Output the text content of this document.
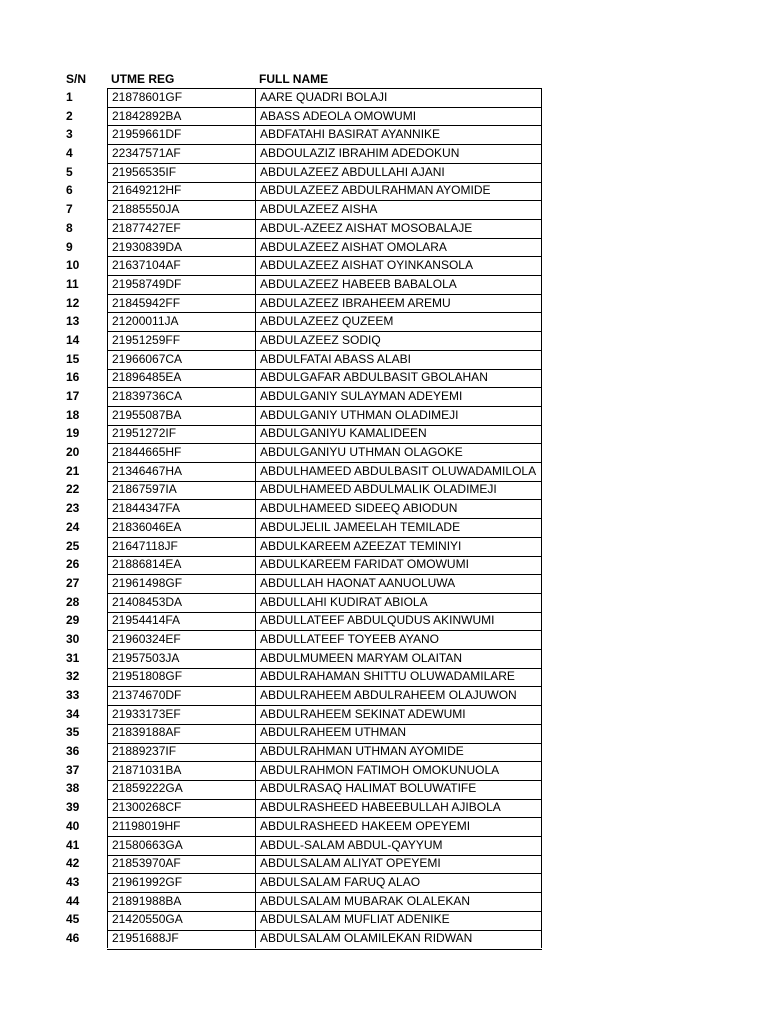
S/N	UTME REG	FULL NAME
1	21878601GF	AARE QUADRI BOLAJI
2	21842892BA	ABASS ADEOLA OMOWUMI
3	21959661DF	ABDFATAHI BASIRAT AYANNIKE
4	22347571AF	ABDOULAZIZ IBRAHIM ADEDOKUN
5	21956535IF	ABDULAZEEZ ABDULLAHI AJANI
6	21649212HF	ABDULAZEEZ ABDULRAHMAN AYOMIDE
7	21885550JA	ABDULAZEEZ AISHA
8	21877427EF	ABDUL-AZEEZ AISHAT MOSOBALAJE
9	21930839DA	ABDULAZEEZ AISHAT OMOLARA
10	21637104AF	ABDULAZEEZ AISHAT OYINKANSOLA
11	21958749DF	ABDULAZEEZ HABEEB BABALOLA
12	21845942FF	ABDULAZEEZ IBRAHEEM AREMU
13	21200011JA	ABDULAZEEZ QUZEEM
14	21951259FF	ABDULAZEEZ SODIQ
15	21966067CA	ABDULFATAI ABASS ALABI
16	21896485EA	ABDULGAFAR ABDULBASIT GBOLAHAN
17	21839736CA	ABDULGANIY SULAYMAN ADEYEMI
18	21955087BA	ABDULGANIY UTHMAN OLADIMEJI
19	21951272IF	ABDULGANIYU KAMALIDEEN
20	21844665HF	ABDULGANIYU UTHMAN OLAGOKE
21	21346467HA	ABDULHAMEED ABDULBASIT OLUWADAMILOLA
22	21867597IA	ABDULHAMEED ABDULMALIK OLADIMEJI
23	21844347FA	ABDULHAMEED SIDEEQ ABIODUN
24	21836046EA	ABDULJELIL JAMEELAH TEMILADE
25	21647118JF	ABDULKAREEM AZEEZAT TEMINIYI
26	21886814EA	ABDULKAREEM FARIDAT OMOWUMI
27	21961498GF	ABDULLAH HAONAT AANUOLUWA
28	21408453DA	ABDULLAHI KUDIRAT ABIOLA
29	21954414FA	ABDULLATEEF ABDULQUDUS AKINWUMI
30	21960324EF	ABDULLATEEF TOYEEB AYANO
31	21957503JA	ABDULMUMEEN MARYAM OLAITAN
32	21951808GF	ABDULRAHAMAN SHITTU OLUWADAMILARE
33	21374670DF	ABDULRAHEEM ABDULRAHEEM OLAJUWON
34	21933173EF	ABDULRAHEEM SEKINAT ADEWUMI
35	21839188AF	ABDULRAHEEM UTHMAN
36	21889237IF	ABDULRAHMAN UTHMAN AYOMIDE
37	21871031BA	ABDULRAHMON FATIMOH OMOKUNUOLA
38	21859222GA	ABDULRASAQ HALIMAT BOLUWATIFE
39	21300268CF	ABDULRASHEED HABEEBULLAH AJIBOLA
40	21198019HF	ABDULRASHEED HAKEEM OPEYEMI
41	21580663GA	ABDUL-SALAM ABDUL-QAYYUM
42	21853970AF	ABDULSALAM ALIYAT OPEYEMI
43	21961992GF	ABDULSALAM FARUQ ALAO
44	21891988BA	ABDULSALAM MUBARAK OLALEKAN
45	21420550GA	ABDULSALAM MUFLIAT ADENIKE
46	21951688JF	ABDULSALAM OLAMILEKAN RIDWAN
